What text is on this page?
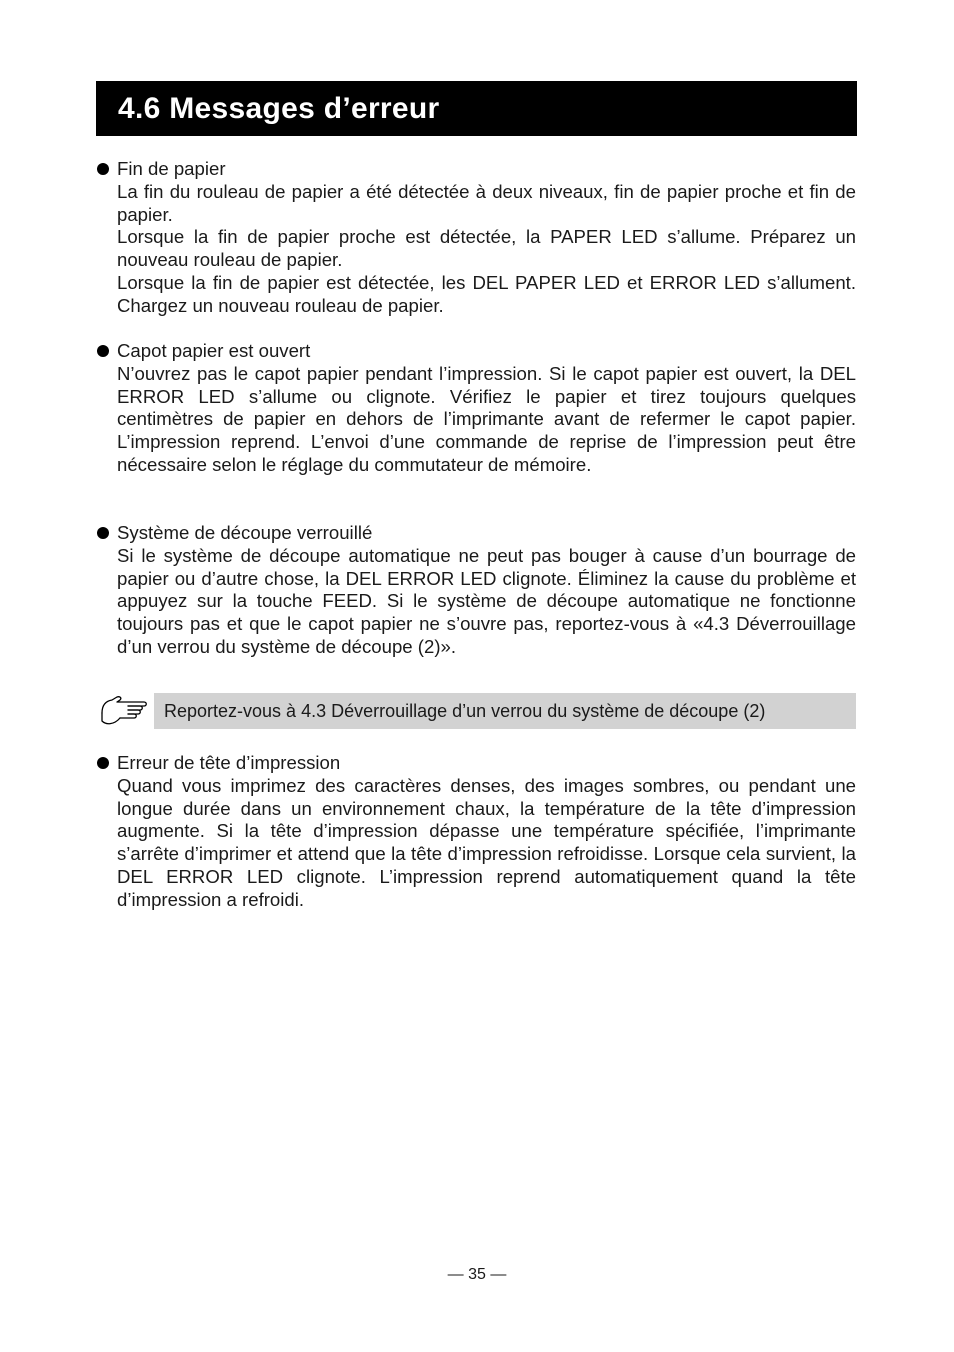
4.6 Messages d’erreur
Fin de papier

La fin du rouleau de papier a été détectée à deux niveaux, fin de papier proche et fin de papier.

Lorsque la fin de papier proche est détectée, la PAPER LED s’allume. Préparez un nouveau rouleau de papier.

Lorsque la fin de papier est détectée, les DEL PAPER LED et ERROR LED s’allument. Chargez un nouveau rouleau de papier.

Capot papier est ouvert

N’ouvrez pas le capot papier pendant l’impression. Si le capot papier est ouvert, la DEL ERROR LED s’allume ou clignote. Vérifiez le papier et tirez toujours quelques centimètres de papier en dehors de l’imprimante avant de refermer le capot papier. L’impression reprend. L’envoi d’une commande de reprise de l’impression peut être nécessaire selon le réglage du commutateur de mémoire.

Système de découpe verrouillé

Si le système de découpe automatique ne peut pas bouger à cause d’un bourrage de papier ou d’autre chose, la DEL ERROR LED clignote. Éliminez la cause du problème et appuyez sur la touche FEED. Si le système de découpe automatique ne fonctionne toujours pas et que le capot papier ne s’ouvre pas, reportez-vous à «4.3 Déverrouillage d’un verrou du système de découpe (2)».

Reportez-vous à 4.3 Déverrouillage d’un verrou du système de découpe (2)
Erreur de tête d’impression

Quand vous imprimez des caractères denses, des images sombres, ou pendant une longue durée dans un environnement chaux, la température de la tête d’impression augmente. Si la tête d’impression dépasse une température spécifiée, l’imprimante s’arrête d’imprimer et attend que la tête d’impression refroidisse. Lorsque cela survient, la DEL ERROR LED clignote. L’impression reprend automatiquement quand la tête d’impression a refroidi.

— 35 —
